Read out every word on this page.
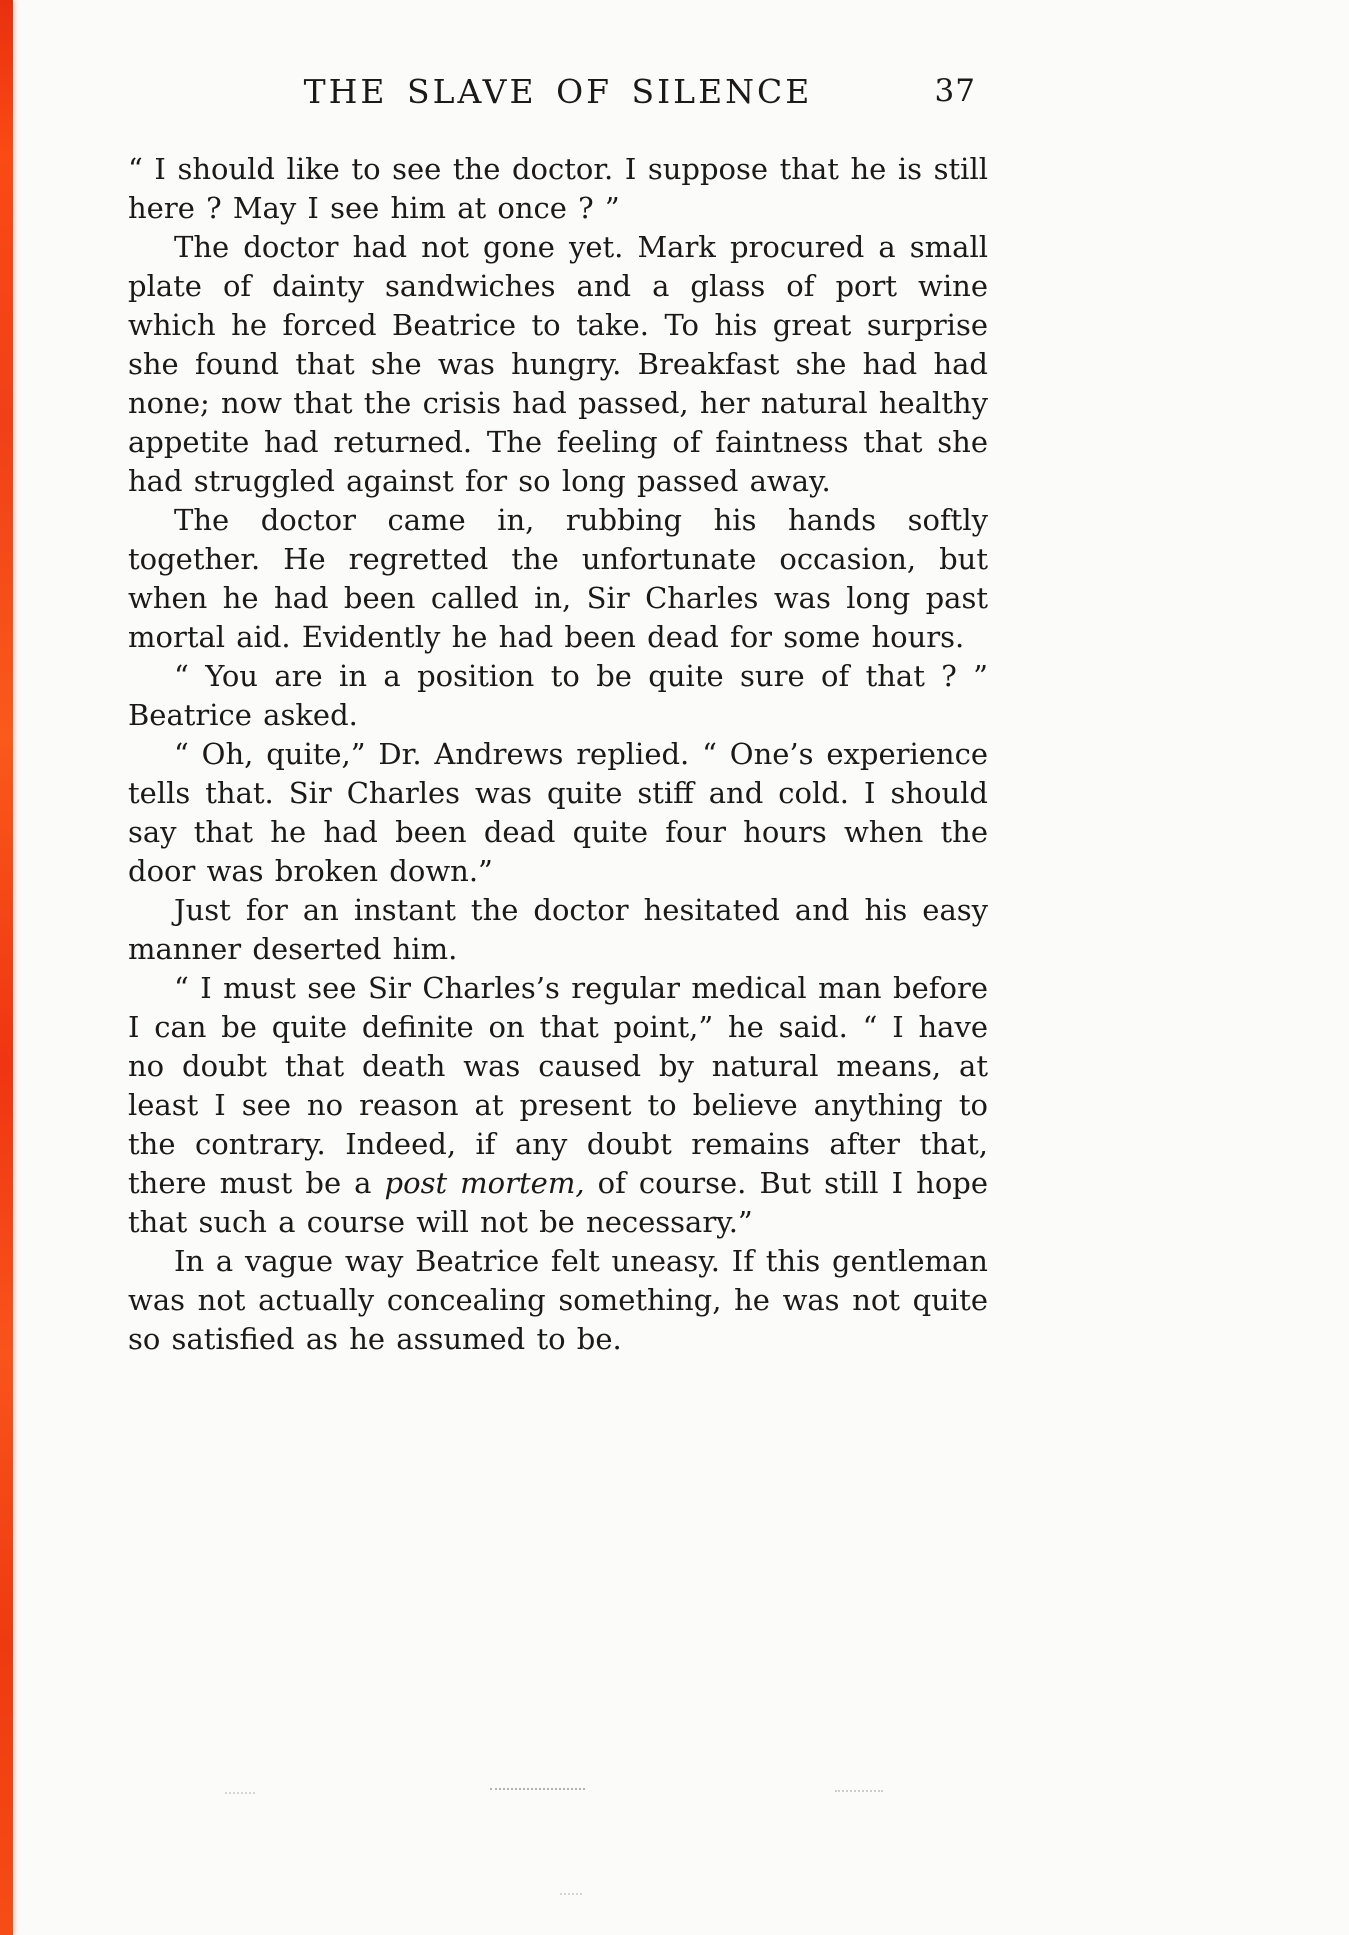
THE SLAVE OF SILENCE	37

“ I should like to see the doctor. I suppose that he is still here ? May I see him at once ? ”

The doctor had not gone yet. Mark procured a small plate of dainty sandwiches and a glass of port wine which he forced Beatrice to take. To his great surprise she found that she was hungry. Breakfast she had had none; now that the crisis had passed, her natural healthy appetite had returned. The feeling of faintness that she had struggled against for so long passed away.

The doctor came in, rubbing his hands softly together. He regretted the unfortunate occasion, but when he had been called in, Sir Charles was long past mortal aid. Evidently he had been dead for some hours.

“ You are in a position to be quite sure of that ? ” Beatrice asked.

“ Oh, quite,” Dr. Andrews replied. “ One’s experience tells that. Sir Charles was quite stiff and cold. I should say that he had been dead quite four hours when the door was broken down.”

Just for an instant the doctor hesitated and his easy manner deserted him.

“ I must see Sir Charles’s regular medical man before I can be quite definite on that point,” he said. “ I have no doubt that death was caused by natural means, at least I see no reason at present to believe anything to the contrary. Indeed, if any doubt remains after that, there must be a post mortem, of course. But still I hope that such a course will not be necessary.”

In a vague way Beatrice felt uneasy. If this gentleman was not actually concealing something, he was not quite so satisfied as he assumed to be.
